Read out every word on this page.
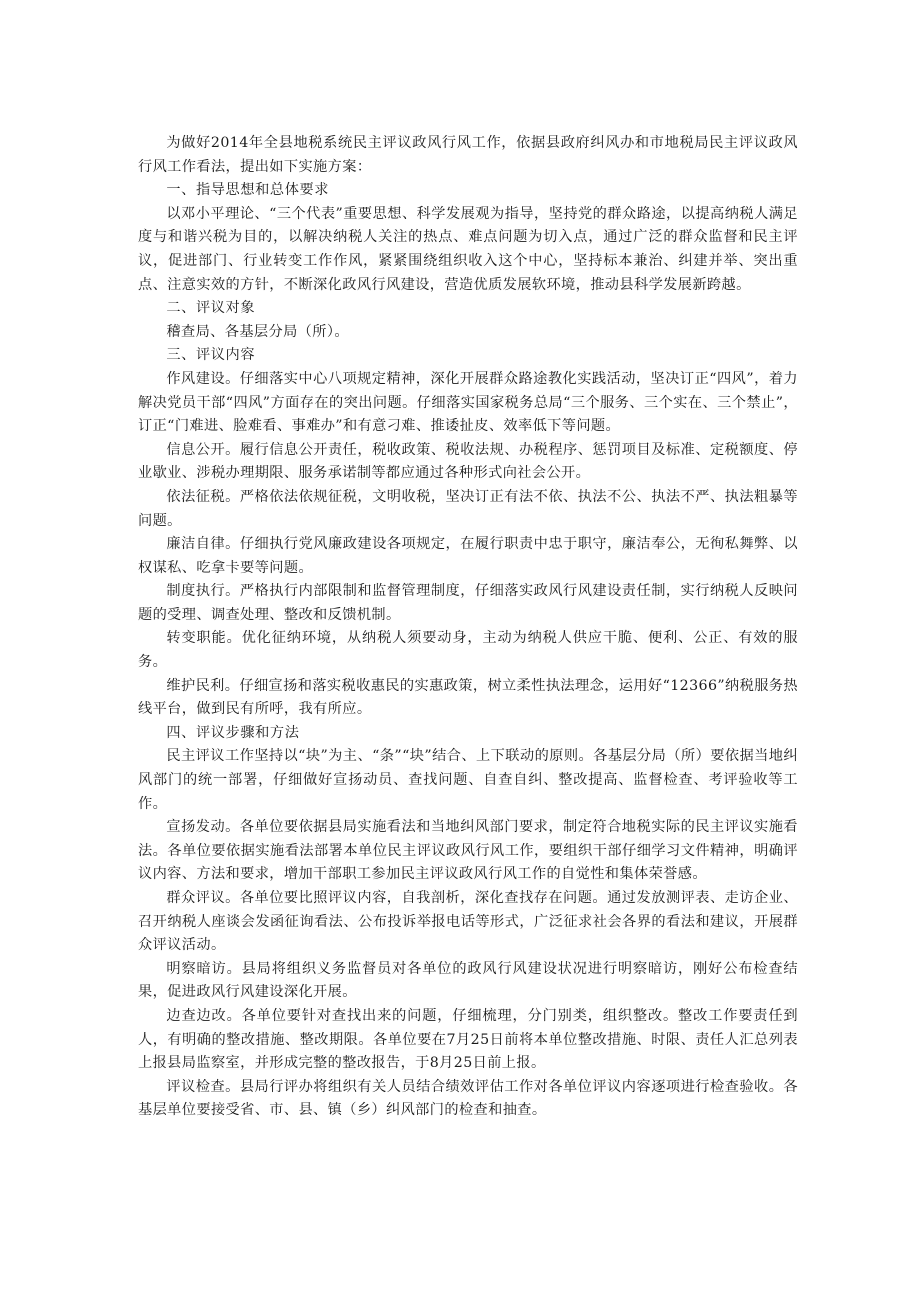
为做好2014年全县地税系统民主评议政风行风工作，依据县政府纠风办和市地税局民主评议政风行风工作看法，提出如下实施方案：

一、指导思想和总体要求

以邓小平理论、“三个代表”重要思想、科学发展观为指导，坚持党的群众路途，以提高纳税人满足度与和谐兴税为目的，以解决纳税人关注的热点、难点问题为切入点，通过广泛的群众监督和民主评议，促进部门、行业转变工作作风，紧紧围绕组织收入这个中心，坚持标本兼治、纠建并举、突出重点、注意实效的方针，不断深化政风行风建设，营造优质发展软环境，推动县科学发展新跨越。

二、评议对象

稽查局、各基层分局（所）。

三、评议内容

作风建设。仔细落实中心八项规定精神，深化开展群众路途教化实践活动，坚决订正“四风”，着力解决党员干部“四风”方面存在的突出问题。仔细落实国家税务总局“三个服务、三个实在、三个禁止”，订正“门难进、脸难看、事难办”和有意刁难、推诿扯皮、效率低下等问题。

信息公开。履行信息公开责任，税收政策、税收法规、办税程序、惩罚项目及标准、定税额度、停业歇业、涉税办理期限、服务承诺制等都应通过各种形式向社会公开。

依法征税。严格依法依规征税，文明收税，坚决订正有法不依、执法不公、执法不严、执法粗暴等问题。

廉洁自律。仔细执行党风廉政建设各项规定，在履行职责中忠于职守，廉洁奉公，无徇私舞弊、以权谋私、吃拿卡要等问题。

制度执行。严格执行内部限制和监督管理制度，仔细落实政风行风建设责任制，实行纳税人反映问题的受理、调查处理、整改和反馈机制。

转变职能。优化征纳环境，从纳税人须要动身，主动为纳税人供应干脆、便利、公正、有效的服务。

维护民利。仔细宣扬和落实税收惠民的实惠政策，树立柔性执法理念，运用好“12366”纳税服务热线平台，做到民有所呼，我有所应。

四、评议步骤和方法

民主评议工作坚持以“块”为主、“条”“块”结合、上下联动的原则。各基层分局（所）要依据当地纠风部门的统一部署，仔细做好宣扬动员、查找问题、自查自纠、整改提高、监督检查、考评验收等工作。

宣扬发动。各单位要依据县局实施看法和当地纠风部门要求，制定符合地税实际的民主评议实施看法。各单位要依据实施看法部署本单位民主评议政风行风工作，要组织干部仔细学习文件精神，明确评议内容、方法和要求，增加干部职工参加民主评议政风行风工作的自觉性和集体荣誉感。

群众评议。各单位要比照评议内容，自我剖析，深化查找存在问题。通过发放测评表、走访企业、召开纳税人座谈会发函征询看法、公布投诉举报电话等形式，广泛征求社会各界的看法和建议，开展群众评议活动。

明察暗访。县局将组织义务监督员对各单位的政风行风建设状况进行明察暗访，刚好公布检查结果，促进政风行风建设深化开展。

边查边改。各单位要针对查找出来的问题，仔细梳理，分门别类，组织整改。整改工作要责任到人，有明确的整改措施、整改期限。各单位要在7月25日前将本单位整改措施、时限、责任人汇总列表上报县局监察室，并形成完整的整改报告，于8月25日前上报。

评议检查。县局行评办将组织有关人员结合绩效评估工作对各单位评议内容逐项进行检查验收。各基层单位要接受省、市、县、镇（乡）纠风部门的检查和抽查。
